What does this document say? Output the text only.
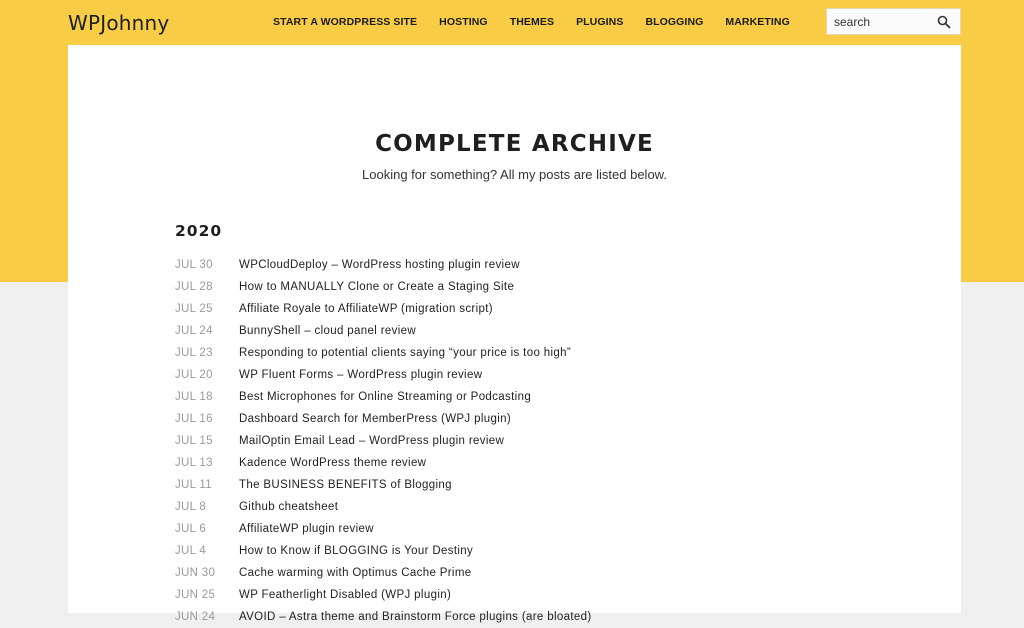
WPJohnny	START A WORDPRESS SITE HOSTING THEMES PLUGINS BLOGGING MARKETING
search
COMPLETE ARCHIVE

Looking for something? All my posts are listed below.

2020
JUL 30	WPCloudDeploy – WordPress hosting plugin review
JUL 28	How to MANUALLY Clone or Create a Staging Site
JUL 25	Affiliate Royale to AffiliateWP (migration script)
JUL 24	BunnyShell – cloud panel review
JUL 23	Responding to potential clients saying “your price is too high”
JUL 20	WP Fluent Forms – WordPress plugin review
JUL 18	Best Microphones for Online Streaming or Podcasting
JUL 16	Dashboard Search for MemberPress (WPJ plugin)
JUL 15	MailOptin Email Lead – WordPress plugin review
JUL 13	Kadence WordPress theme review
JUL 11	The BUSINESS BENEFITS of Blogging
JUL 8	Github cheatsheet
JUL 6	AffiliateWP plugin review
JUL 4	How to Know if BLOGGING is Your Destiny
JUN 30	Cache warming with Optimus Cache Prime
JUN 25	WP Featherlight Disabled (WPJ plugin)
JUN 24	AVOID – Astra theme and Brainstorm Force plugins (are bloated)
